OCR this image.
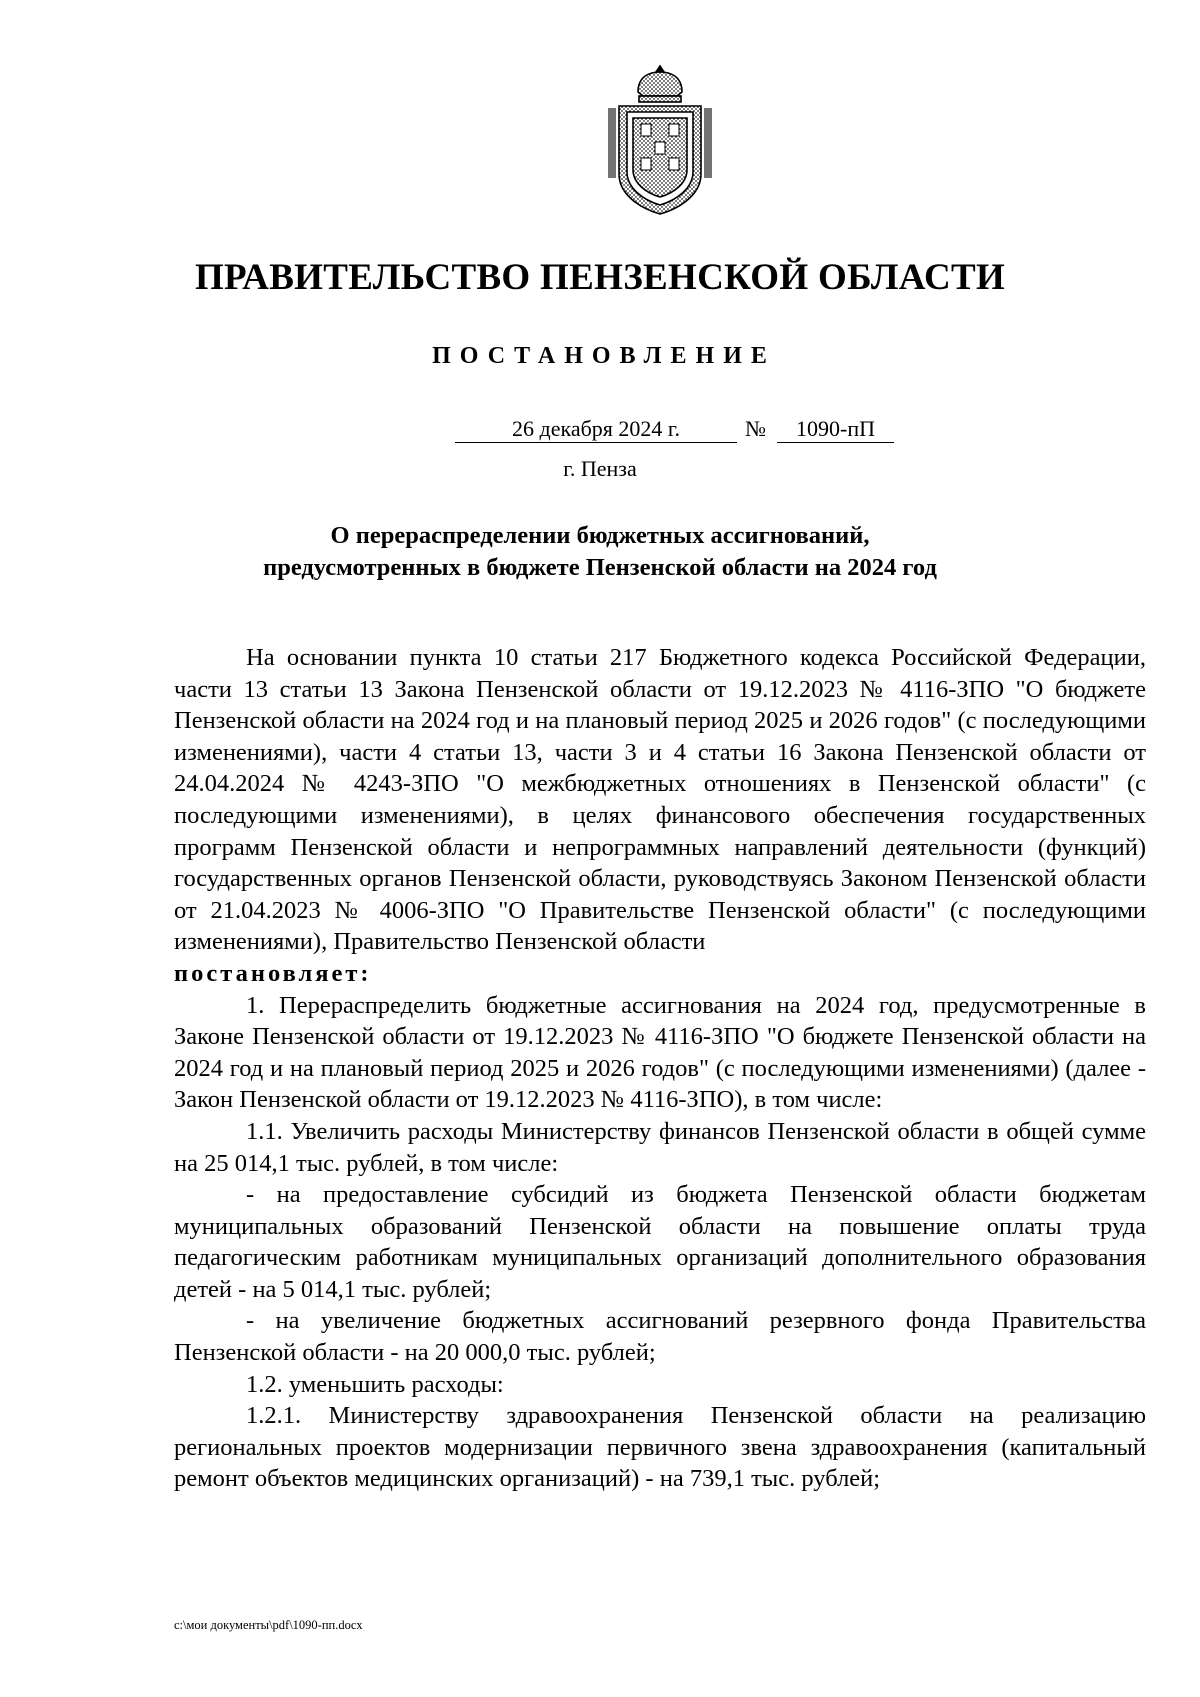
ПРАВИТЕЛЬСТВО ПЕНЗЕНСКОЙ ОБЛАСТИ
ПОСТАНОВЛЕНИЕ
26 декабря 2024 г.	№	1090-пП
г. Пенза
О перераспределении бюджетных ассигнований,
предусмотренных в бюджете Пензенской области на 2024 год

На основании пункта 10 статьи 217 Бюджетного кодекса Российской Федерации, части 13 статьи 13 Закона Пензенской области от 19.12.2023 № 4116-ЗПО "О бюджете Пензенской области на 2024 год и на плановый период 2025 и 2026 годов" (с последующими изменениями), части 4 статьи 13, части 3 и 4 статьи 16 Закона Пензенской области от 24.04.2024 № 4243-ЗПО "О межбюджетных отношениях в Пензенской области" (с последующими изменениями), в целях финансового обеспечения государственных программ Пензенской области и непрограммных направлений деятельности (функций) государственных органов Пензенской области, руководствуясь Законом Пензенской области от 21.04.2023 № 4006-ЗПО "О Правительстве Пензенской области" (с последующими изменениями), Правительство Пензенской области

постановляет:

1. Перераспределить бюджетные ассигнования на 2024 год, предусмотренные в Законе Пензенской области от 19.12.2023 № 4116-ЗПО "О бюджете Пензенской области на 2024 год и на плановый период 2025 и 2026 годов" (с последующими изменениями) (далее - Закон Пензенской области от 19.12.2023 № 4116-ЗПО), в том числе:

1.1. Увеличить расходы Министерству финансов Пензенской области в общей сумме на 25 014,1 тыс. рублей, в том числе:

- на предоставление субсидий из бюджета Пензенской области бюджетам муниципальных образований Пензенской области на повышение оплаты труда педагогическим работникам муниципальных организаций дополнительного образования детей - на 5 014,1 тыс. рублей;

- на увеличение бюджетных ассигнований резервного фонда Правительства Пензенской области - на 20 000,0 тыс. рублей;

1.2. уменьшить расходы:

1.2.1. Министерству здравоохранения Пензенской области на реализацию региональных проектов модернизации первичного звена здравоохранения (капитальный ремонт объектов медицинских организаций) - на 739,1 тыс. рублей;

c:\мои документы\pdf\1090-пп.docx
